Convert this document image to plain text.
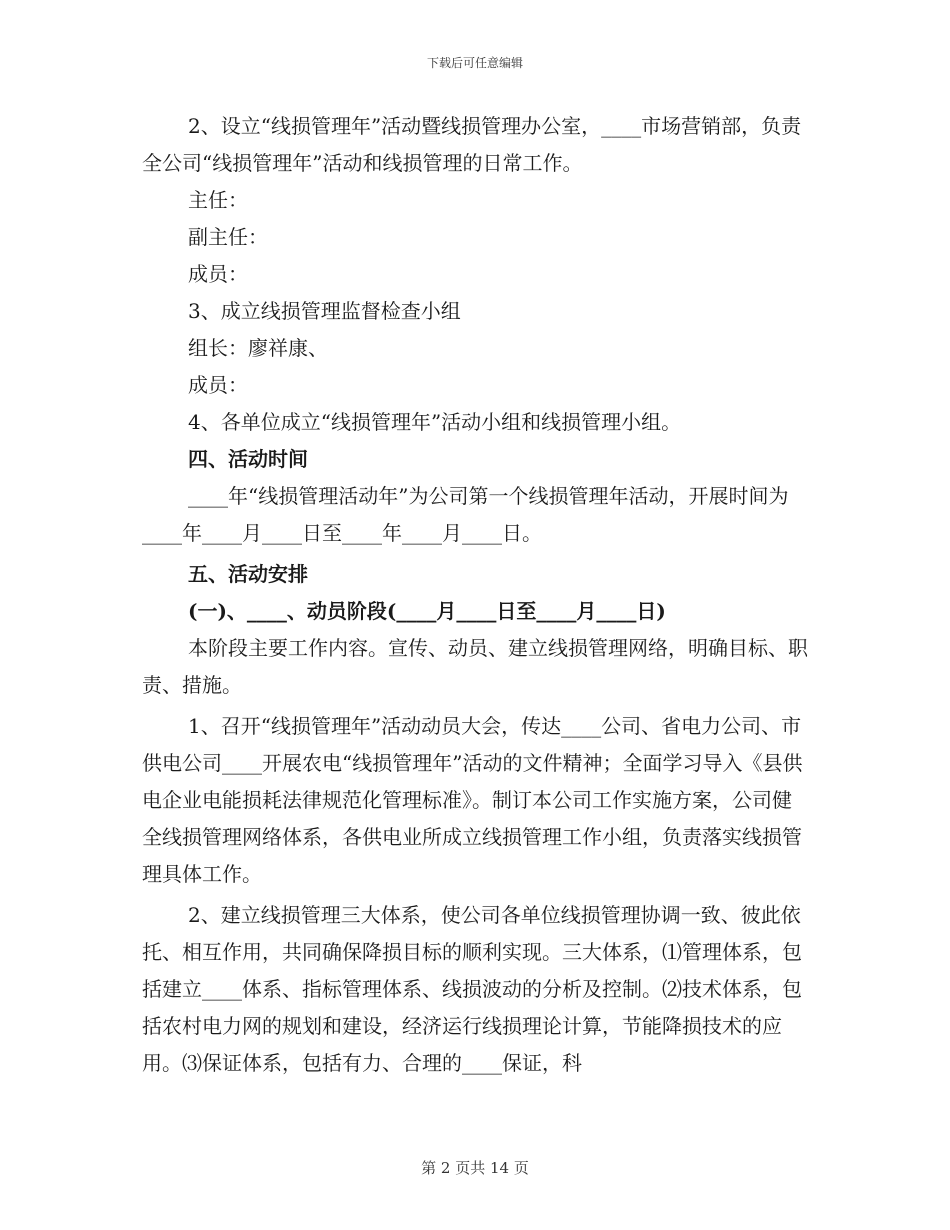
下载后可任意编辑

2、设立“线损管理年”活动暨线损管理办公室，____市场营销部，负责全公司“线损管理年”活动和线损管理的日常工作。

主任：

副主任：

成员：

3、成立线损管理监督检查小组

组长：廖祥康、

成员：

4、各单位成立“线损管理年”活动小组和线损管理小组。

四、活动时间

____年“线损管理活动年”为公司第一个线损管理年活动，开展时间为____年____月____日至____年____月____日。

五、活动安排

(一)、____、动员阶段(____月____日至____月____日)

本阶段主要工作内容。宣传、动员、建立线损管理网络，明确目标、职责、措施。

1、召开“线损管理年”活动动员大会，传达____公司、省电力公司、市供电公司____开展农电“线损管理年”活动的文件精神；全面学习导入《县供电企业电能损耗法律规范化管理标准》。制订本公司工作实施方案，公司健全线损管理网络体系，各供电业所成立线损管理工作小组，负责落实线损管理具体工作。

2、建立线损管理三大体系，使公司各单位线损管理协调一致、彼此依托、相互作用，共同确保降损目标的顺利实现。三大体系，⑴管理体系，包括建立____体系、指标管理体系、线损波动的分析及控制。⑵技术体系，包括农村电力网的规划和建设，经济运行线损理论计算，节能降损技术的应用。⑶保证体系，包括有力、合理的____保证，科

第 2 页共 14 页
